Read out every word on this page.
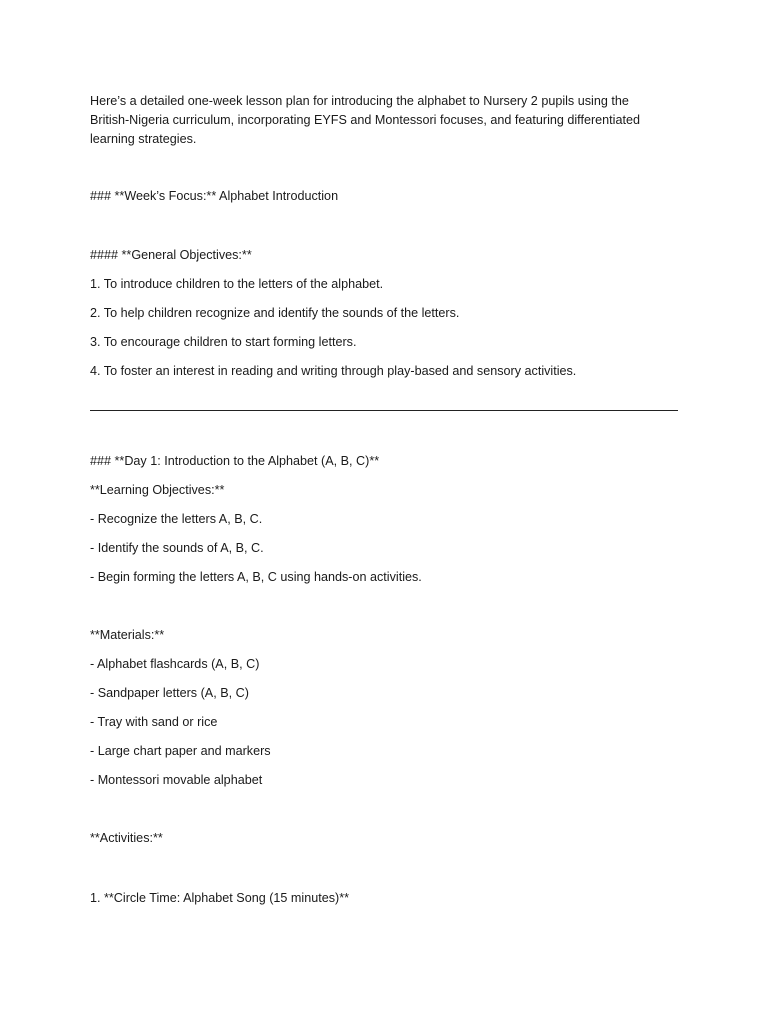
Here’s a detailed one-week lesson plan for introducing the alphabet to Nursery 2 pupils using the British-Nigeria curriculum, incorporating EYFS and Montessori focuses, and featuring differentiated learning strategies.
### **Week’s Focus:** Alphabet Introduction
#### **General Objectives:**
1. To introduce children to the letters of the alphabet.
2. To help children recognize and identify the sounds of the letters.
3. To encourage children to start forming letters.
4. To foster an interest in reading and writing through play-based and sensory activities.
### **Day 1: Introduction to the Alphabet (A, B, C)**
**Learning Objectives:**
- Recognize the letters A, B, C.
- Identify the sounds of A, B, C.
- Begin forming the letters A, B, C using hands-on activities.
**Materials:**
- Alphabet flashcards (A, B, C)
- Sandpaper letters (A, B, C)
- Tray with sand or rice
- Large chart paper and markers
- Montessori movable alphabet
**Activities:**
1. **Circle Time: Alphabet Song (15 minutes)**
